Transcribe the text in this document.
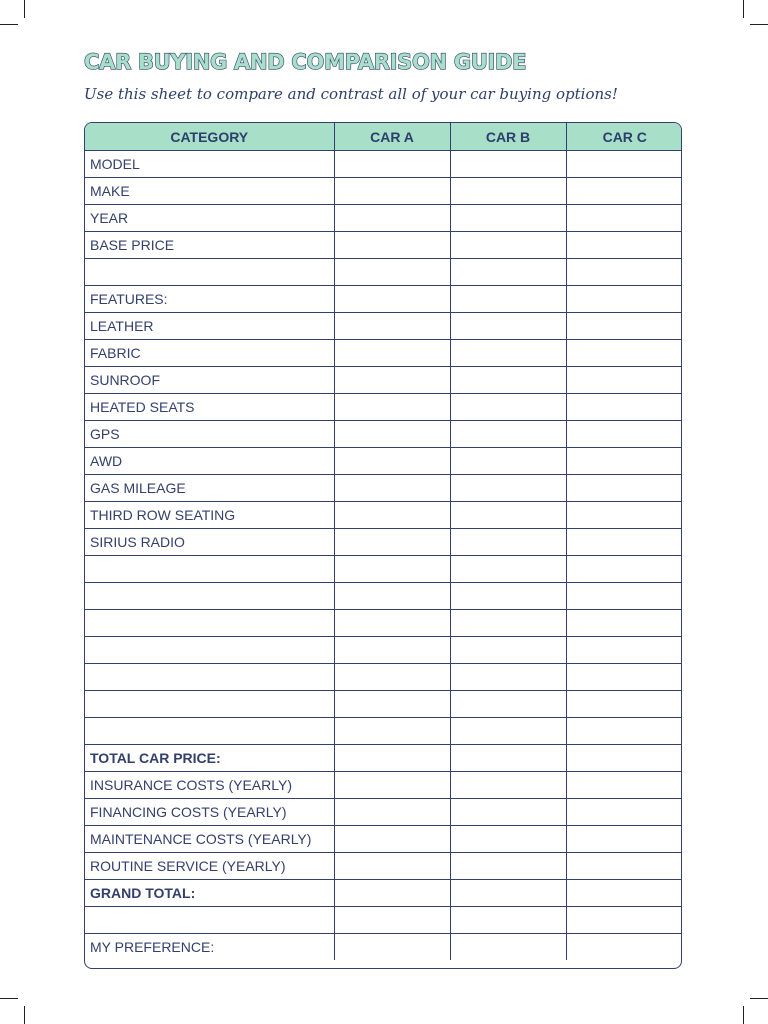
CAR BUYING AND COMPARISON GUIDE

Use this sheet to compare and contrast all of your car buying options!

CATEGORY	CAR A	CAR B	CAR C
MODEL			
MAKE			
YEAR			
BASE PRICE			

FEATURES:			
LEATHER			
FABRIC			
SUNROOF			
HEATED SEATS			
GPS			
AWD			
GAS MILEAGE			
THIRD ROW SEATING			
SIRIUS RADIO			

TOTAL CAR PRICE:			
INSURANCE COSTS (YEARLY)			
FINANCING COSTS (YEARLY)			
MAINTENANCE COSTS (YEARLY)			
ROUTINE SERVICE (YEARLY)			
GRAND TOTAL:			

MY PREFERENCE:			
